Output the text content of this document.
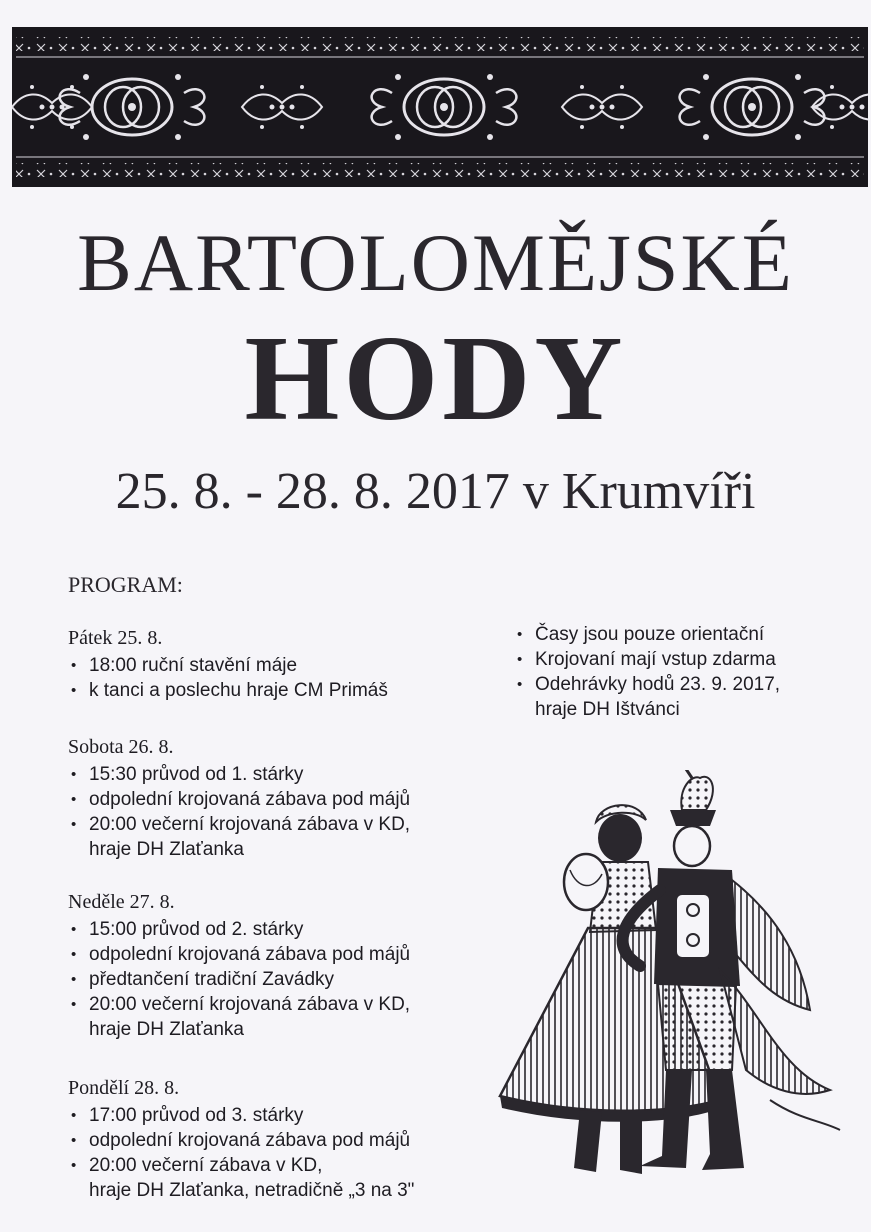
BARTOLOMĚJSKÉ
HODY
25. 8. - 28. 8. 2017 v Krumvíři
PROGRAM:
Pátek 25. 8.
• 18:00 ruční stavění máje
• k tanci a poslechu hraje CM Primáš
Sobota 26. 8.
• 15:30 průvod od 1. stárky
• odpolední krojovaná zábava pod májů
• 20:00 večerní krojovaná zábava v KD,
hraje DH Zlaťanka
Neděle 27. 8.
• 15:00 průvod od 2. stárky
• odpolední krojovaná zábava pod májů
• předtančení tradiční Zavádky
• 20:00 večerní krojovaná zábava v KD,
hraje DH Zlaťanka
Pondělí 28. 8.
• 17:00 průvod od 3. stárky
• odpolední krojovaná zábava pod májů
• 20:00 večerní zábava v KD,
hraje DH Zlaťanka, netradičně „3 na 3"
• Časy jsou pouze orientační
• Krojovaní mají vstup zdarma
• Odehrávky hodů 23. 9. 2017,
hraje DH Ištvánci
